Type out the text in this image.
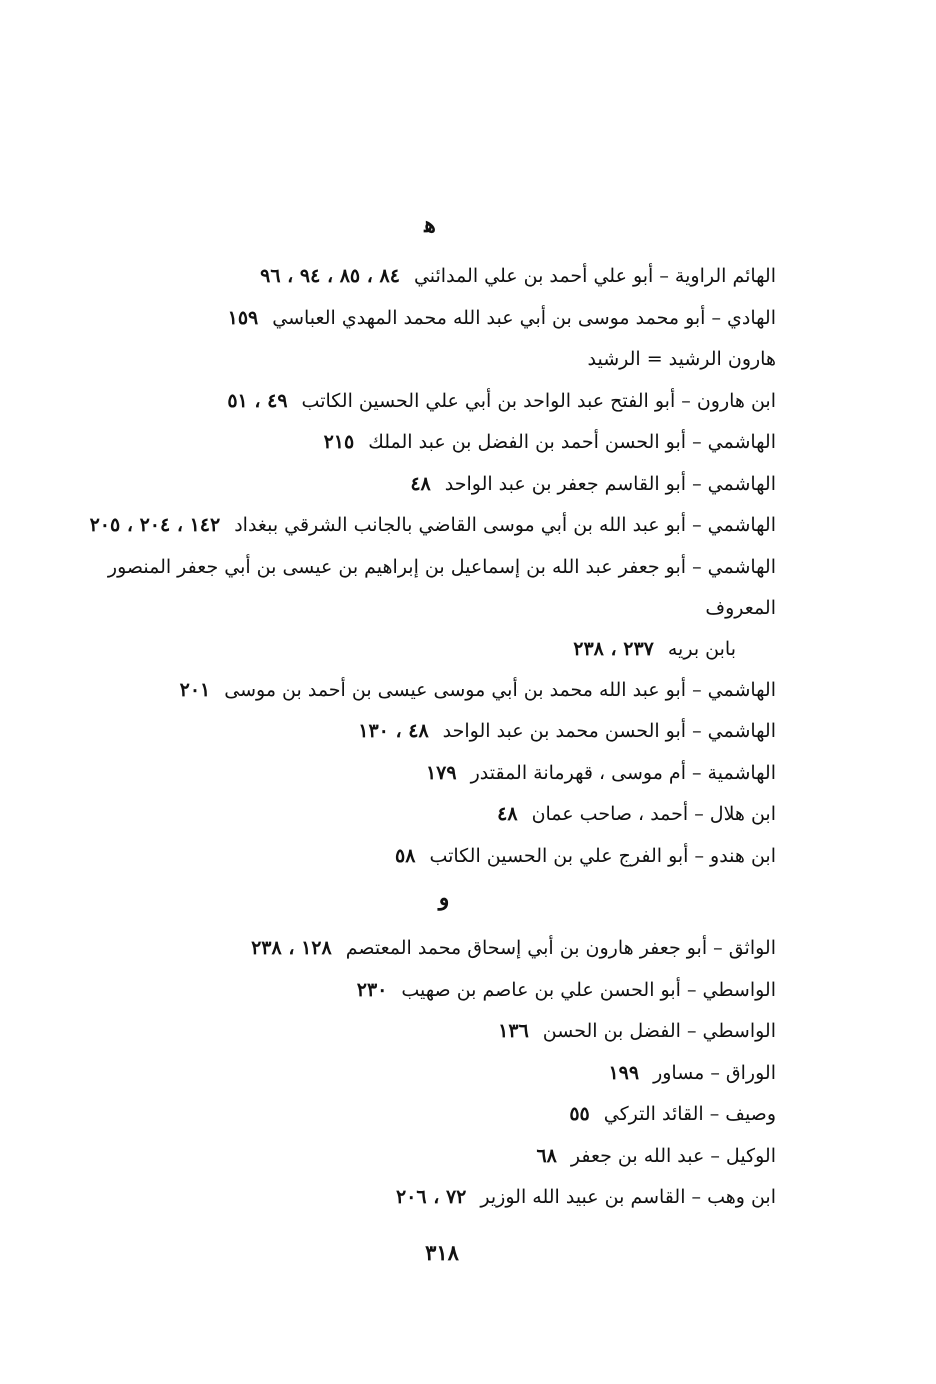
ﻫ
الهائم الراوية – أبو علي أحمد بن علي المدائني٨٤ ، ٨٥ ، ٩٤ ، ٩٦
الهادي – أبو محمد موسى بن أبي عبد الله محمد المهدي العباسي١٥٩
هارون الرشيد = الرشيد
ابن هارون – أبو الفتح عبد الواحد بن أبي علي الحسين الكاتب٤٩ ، ٥١
الهاشمي – أبو الحسن أحمد بن الفضل بن عبد الملك٢١٥
الهاشمي – أبو القاسم جعفر بن عبد الواحد٤٨
الهاشمي – أبو عبد الله بن أبي موسى القاضي بالجانب الشرقي ببغداد١٤٢ ، ٢٠٤ ، ٢٠٥
الهاشمي – أبو جعفر عبد الله بن إسماعيل بن إبراهيم بن عيسى بن أبي جعفر المنصور المعروف
بابن بريه٢٣٧ ، ٢٣٨
الهاشمي – أبو عبد الله محمد بن أبي موسى عيسى بن أحمد بن موسى٢٠١
الهاشمي – أبو الحسن محمد بن عبد الواحد٤٨ ، ١٣٠
الهاشمية – أم موسى ، قهرمانة المقتدر١٧٩
ابن هلال – أحمد ، صاحب عمان٤٨
ابن هندو – أبو الفرج علي بن الحسين الكاتب٥٨
و
الواثق – أبو جعفر هارون بن أبي إسحاق محمد المعتصم١٢٨ ، ٢٣٨
الواسطي – أبو الحسن علي بن عاصم بن صهيب٢٣٠
الواسطي – الفضل بن الحسن١٣٦
الوراق – مساور١٩٩
وصيف – القائد التركي٥٥
الوكيل – عبد الله بن جعفر٦٨
ابن وهب – القاسم بن عبيد الله الوزير٧٢ ، ٢٠٦
٣١٨
